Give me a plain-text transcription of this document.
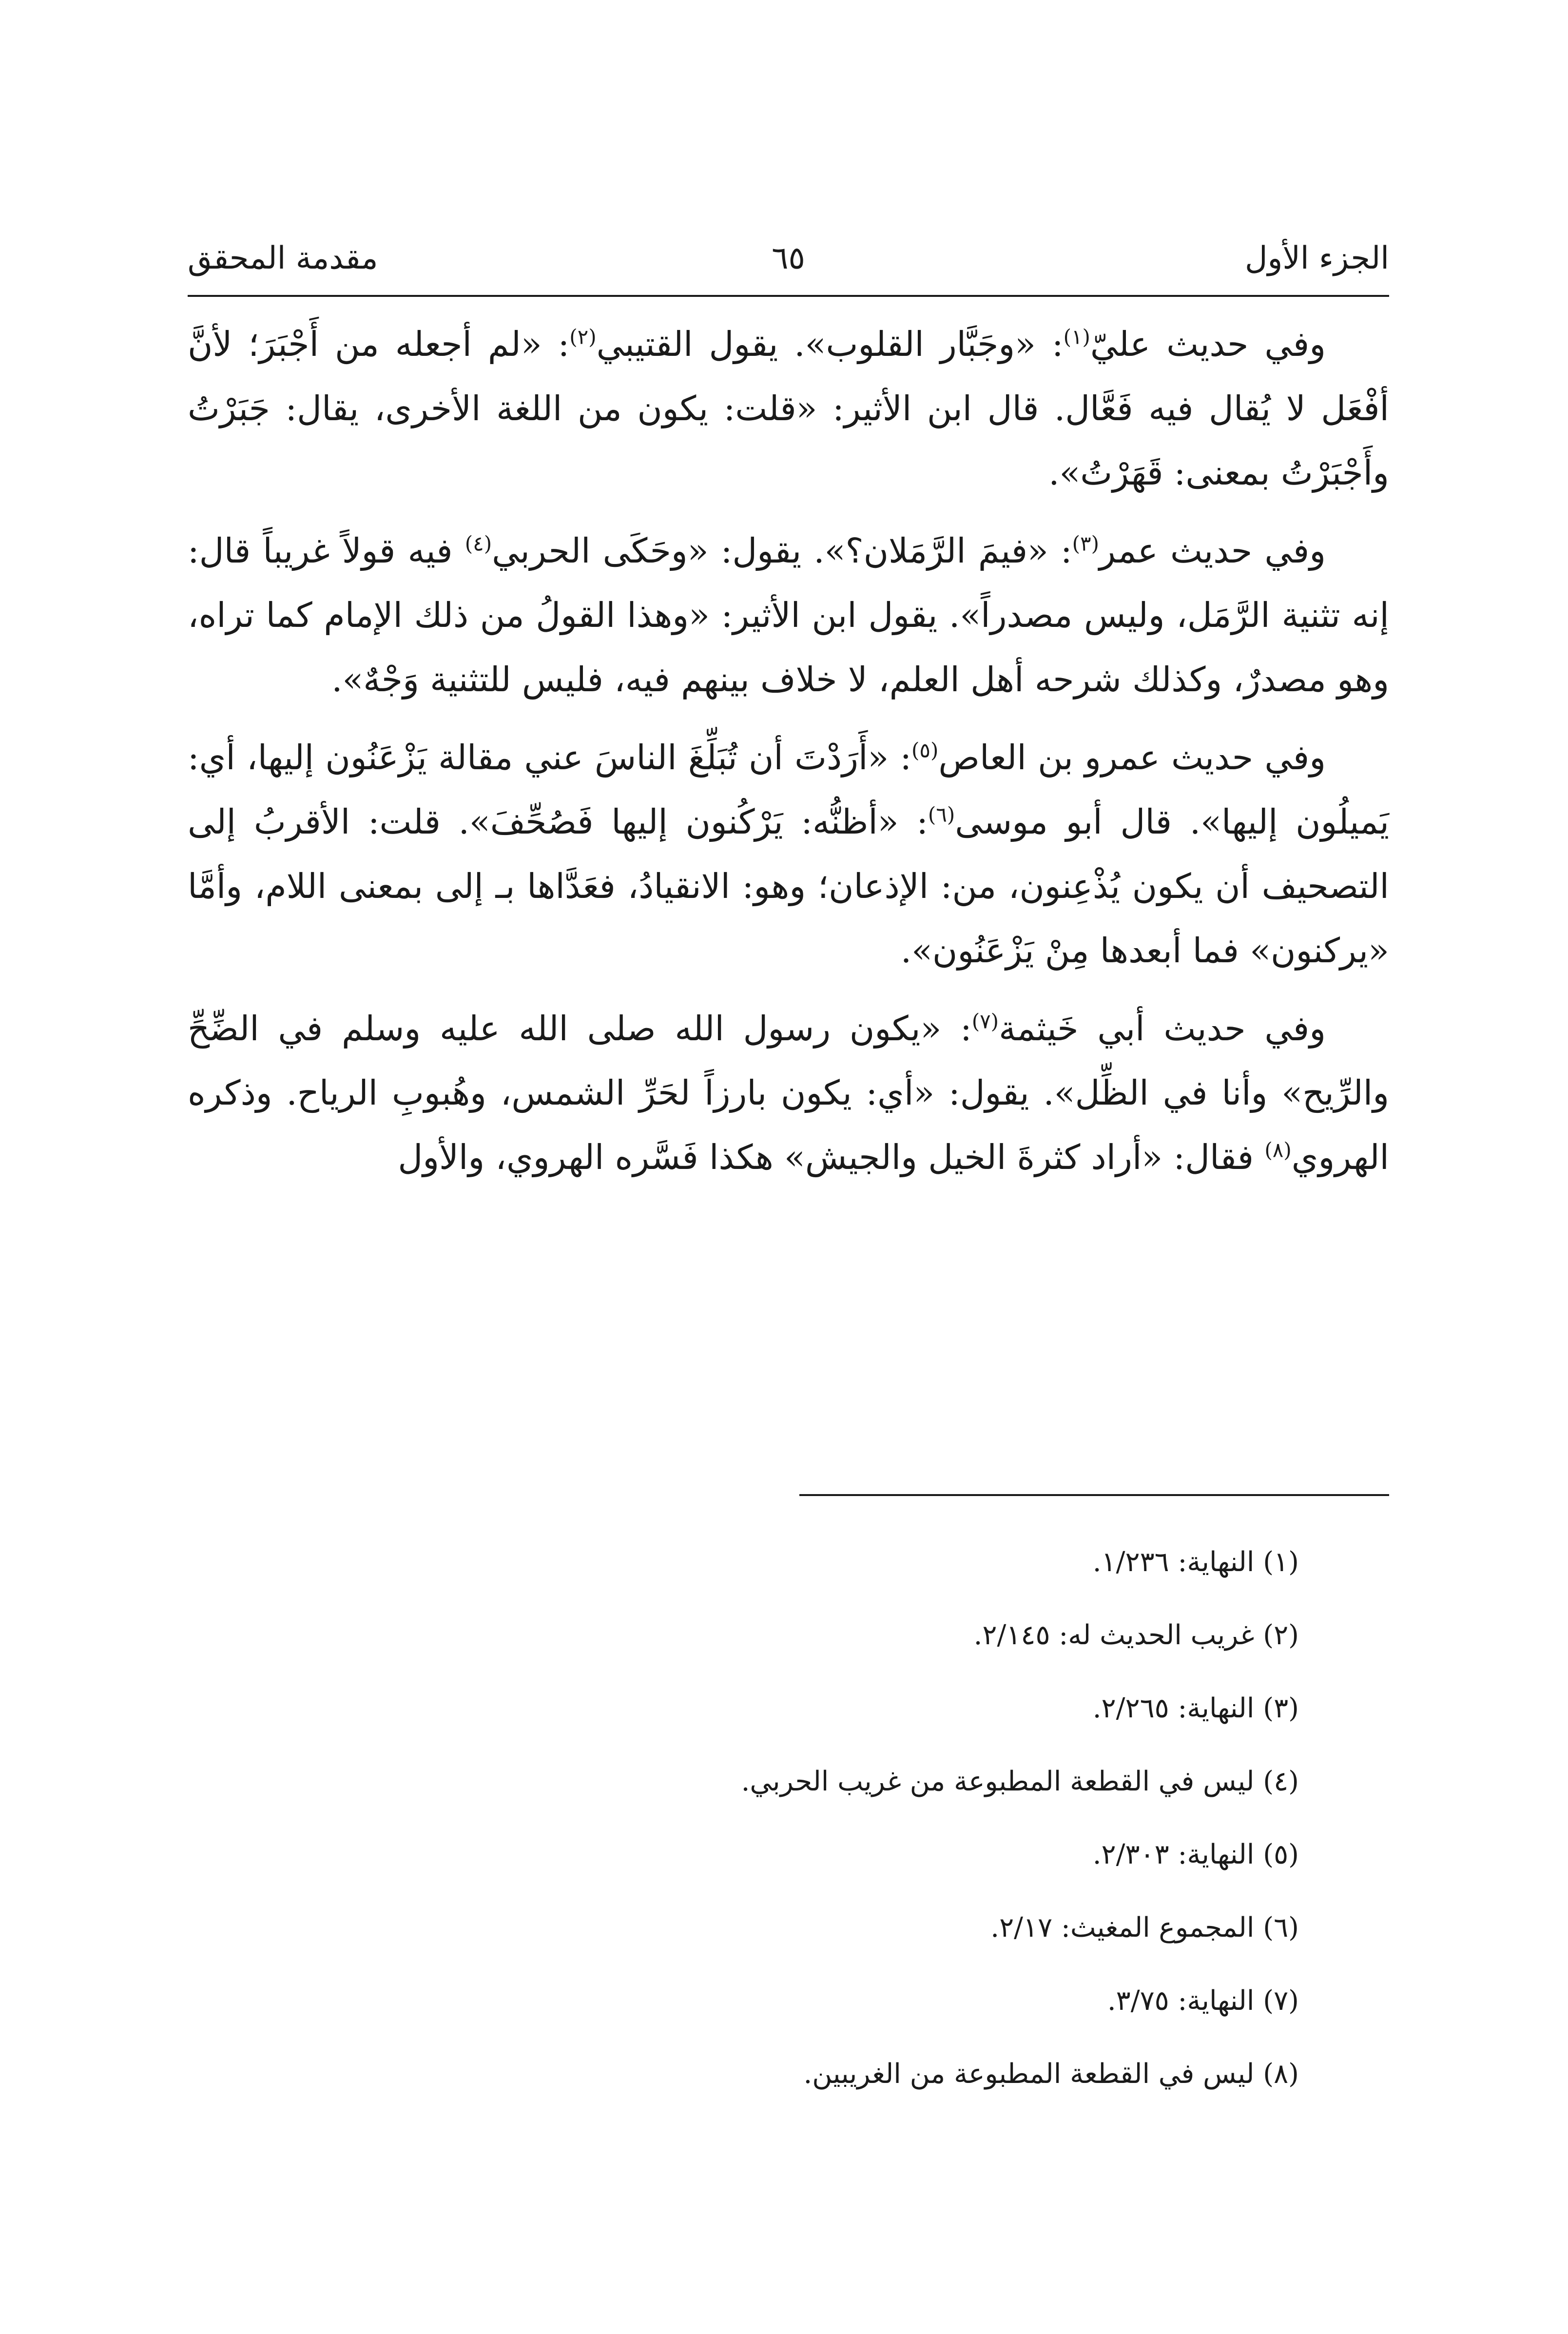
الجزء الأول
٦٥
مقدمة المحقق

وفي حديث عليّ$^{(١)}$: «وجَبَّار القلوب». يقول القتيبي$^{(٢)}$: «لم أجعله من أَجْبَرَ؛ لأنَّ أفْعَل لا يُقال فيه فَعَّال. قال ابن الأثير: «قلت: يكون من اللغة الأخرى، يقال: جَبَرْتُ وأَجْبَرْتُ بمعنى: قَهَرْتُ».

وفي حديث عمر$^{(٣)}$: «فيمَ الرَّمَلان؟». يقول: «وحَكَى الحربي$^{(٤)}$ فيه قولاً غريباً قال: إنه تثنية الرَّمَل، وليس مصدراً». يقول ابن الأثير: «وهذا القولُ من ذلك الإمام كما تراه، وهو مصدرٌ، وكذلك شرحه أهل العلم، لا خلاف بينهم فيه، فليس للتثنية وَجْهٌ».

وفي حديث عمرو بن العاص$^{(٥)}$: «أَرَدْتَ أن تُبَلِّغَ الناسَ عني مقالة يَزْعَنُون إليها، أي: يَميلُون إليها». قال أبو موسى$^{(٦)}$: «أظنُّه: يَرْكُنون إليها فَصُحِّفَ». قلت: الأقربُ إلى التصحيف أن يكون يُذْعِنون، من: الإذعان؛ وهو: الانقيادُ، فعَدَّاها بـ إلى بمعنى اللام، وأمَّا «يركنون» فما أبعدها مِنْ يَزْعَنُون».

وفي حديث أبي خَيثمة$^{(٧)}$: «يكون رسول الله صلى الله عليه وسلم في الضِّحِّ والرِّيح» وأنا في الظِّل». يقول: «أي: يكون بارزاً لحَرِّ الشمس، وهُبوبِ الرياح. وذكره الهروي$^{(٨)}$ فقال: «أراد كثرةَ الخيل والجيش» هكذا فَسَّره الهروي، والأول

(١) النهاية: ١/٢٣٦.

(٢) غريب الحديث له: ٢/١٤٥.

(٣) النهاية: ٢/٢٦٥.

(٤) ليس في القطعة المطبوعة من غريب الحربي.

(٥) النهاية: ٢/٣٠٣.

(٦) المجموع المغيث: ٢/١٧.

(٧) النهاية: ٣/٧٥.

(٨) ليس في القطعة المطبوعة من الغريبين.
